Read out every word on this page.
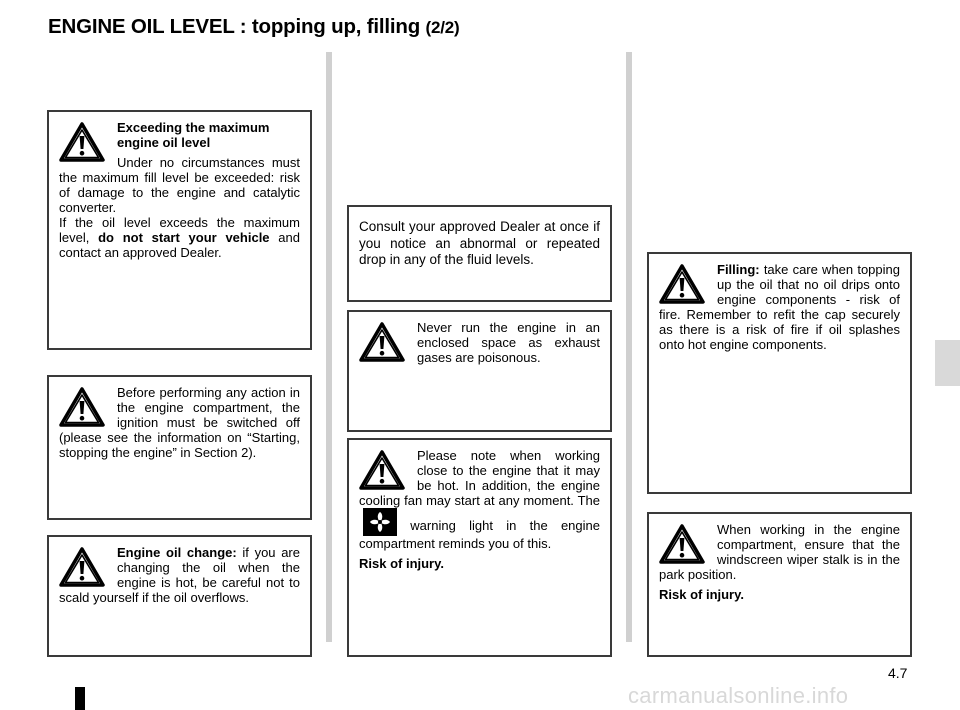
ENGINE OIL LEVEL : topping up, filling (2/2)

Exceeding the maximum engine oil level

Under no circumstances must the maximum fill level be exceeded: risk of damage to the engine and catalytic converter.

If the oil level exceeds the maximum level, do not start your vehicle and contact an approved Dealer.

Before performing any action in the engine compartment, the ignition must be switched off (please see the information on “Starting, stopping the engine” in Section 2).

Engine oil change: if you are changing the oil when the engine is hot, be careful not to scald yourself if the oil overflows.

Consult your approved Dealer at once if you notice an abnormal or repeated drop in any of the fluid levels.

Never run the engine in an enclosed space as exhaust gases are poisonous.

Please note when working close to the engine that it may be hot. In addition, the engine cooling fan may start at any moment. The
warning light in the engine compartment reminds you of this.

Risk of injury.

Filling: take care when topping up the oil that no oil drips onto engine components - risk of fire. Remember to refit the cap securely as there is a risk of fire if oil splashes onto hot engine components.

When working in the engine compartment, ensure that the windscreen wiper stalk is in the park position.

Risk of injury.

4.7
carmanualsonline.info
